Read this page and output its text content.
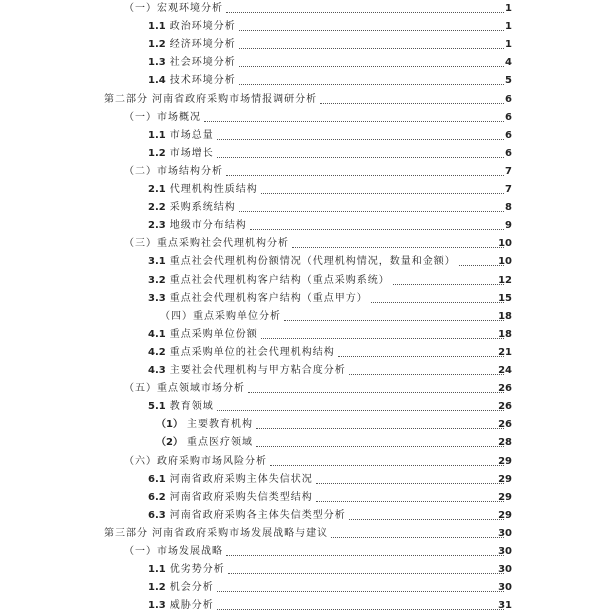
（一）宏观环境分析	1
1.1 政治环境分析	1
1.2 经济环境分析	1
1.3 社会环境分析	4
1.4 技术环境分析	5
第二部分 河南省政府采购市场情报调研分析	6
（一）市场概况	6
1.1 市场总量	6
1.2 市场增长	6
（二）市场结构分析	7
2.1 代理机构性质结构	7
2.2 采购系统结构	8
2.3 地级市分布结构	9
（三）重点采购社会代理机构分析	10
3.1 重点社会代理机构份额情况（代理机构情况，数量和金额）	10
3.2 重点社会代理机构客户结构（重点采购系统）	12
3.3 重点社会代理机构客户结构（重点甲方）	15
（四）重点采购单位分析	18
4.1 重点采购单位份额	18
4.2 重点采购单位的社会代理机构结构	21
4.3 主要社会代理机构与甲方粘合度分析	24
（五）重点领域市场分析	26
5.1 教育领域	26
（1） 主要教育机构	26
（2） 重点医疗领域	28
（六）政府采购市场风险分析	29
6.1 河南省政府采购主体失信状况	29
6.2 河南省政府采购失信类型结构	29
6.3 河南省政府采购各主体失信类型分析	29
第三部分 河南省政府采购市场发展战略与建议	30
（一）市场发展战略	30
1.1 优劣势分析	30
1.2 机会分析	30
1.3 威胁分析	31
